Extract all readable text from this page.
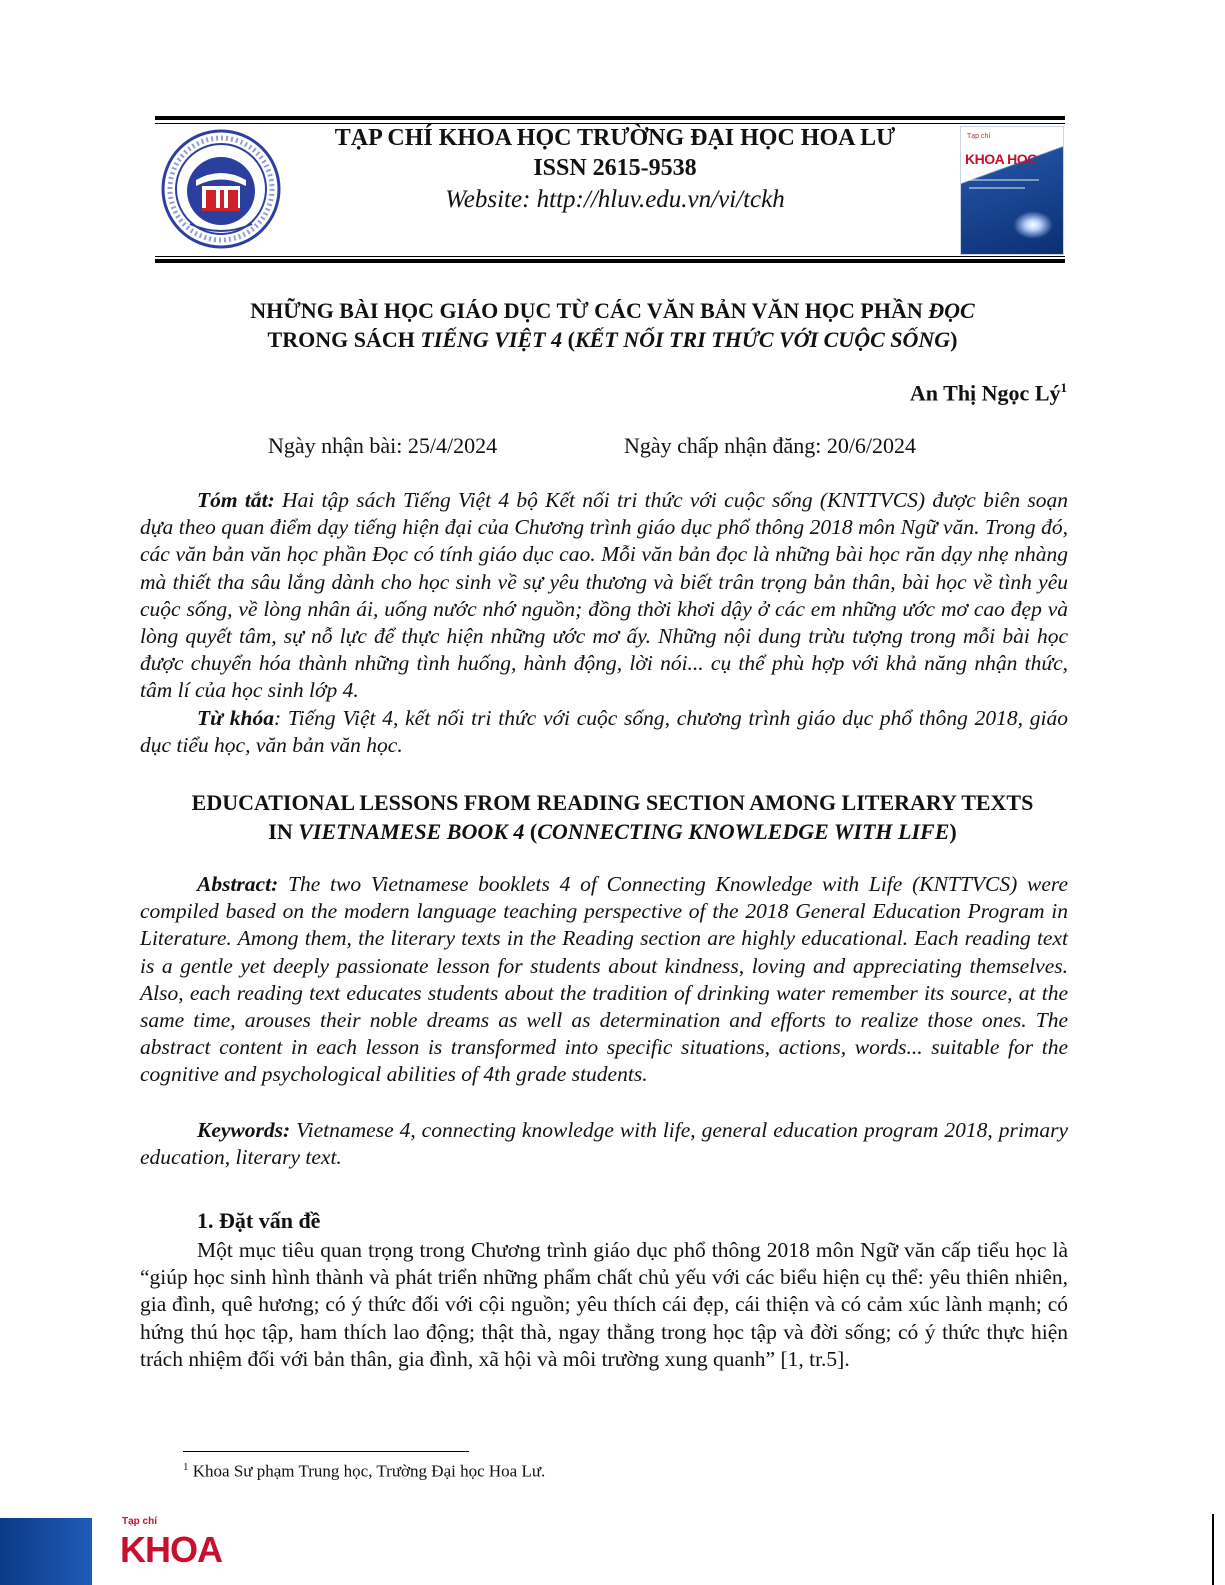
TẠP CHÍ KHOA HỌC TRƯỜNG ĐẠI HỌC HOA LƯ

ISSN 2615-9538

Website: http://hluv.edu.vn/vi/tckh

Tạp chí
KHOA HỌC
NHỮNG BÀI HỌC GIÁO DỤC TỪ CÁC VĂN BẢN VĂN HỌC PHẦN ĐỌC
TRONG SÁCH TIẾNG VIỆT 4 (KẾT NỐI TRI THỨC VỚI CUỘC SỐNG)

An Thị Ngọc $Lý^1$

Ngày nhận bài: 25/4/2024	Ngày chấp nhận đăng: 20/6/2024

Tóm tắt: Hai tập sách Tiếng Việt 4 bộ Kết nối tri thức với cuộc sống (KNTTVCS) được biên soạn dựa theo quan điểm dạy tiếng hiện đại của Chương trình giáo dục phổ thông 2018 môn Ngữ văn. Trong đó, các văn bản văn học phần Đọc có tính giáo dục cao. Mỗi văn bản đọc là những bài học răn dạy nhẹ nhàng mà thiết tha sâu lắng dành cho học sinh về sự yêu thương và biết trân trọng bản thân, bài học về tình yêu cuộc sống, về lòng nhân ái, uống nước nhớ nguồn; đồng thời khơi dậy ở các em những ước mơ cao đẹp và lòng quyết tâm, sự nỗ lực để thực hiện những ước mơ ấy. Những nội dung trừu tượng trong mỗi bài học được chuyển hóa thành những tình huống, hành động, lời nói... cụ thể phù hợp với khả năng nhận thức, tâm lí của học sinh lớp 4.

Từ khóa: Tiếng Việt 4, kết nối tri thức với cuộc sống, chương trình giáo dục phổ thông 2018, giáo dục tiểu học, văn bản văn học.

EDUCATIONAL LESSONS FROM READING SECTION AMONG LITERARY TEXTS
IN VIETNAMESE BOOK 4 (CONNECTING KNOWLEDGE WITH LIFE)

Abstract: The two Vietnamese booklets 4 of Connecting Knowledge with Life (KNTTVCS) were compiled based on the modern language teaching perspective of the 2018 General Education Program in Literature. Among them, the literary texts in the Reading section are highly educational. Each reading text is a gentle yet deeply passionate lesson for students about kindness, loving and appreciating themselves. Also, each reading text educates students about the tradition of drinking water remember its source, at the same time, arouses their noble dreams as well as determination and efforts to realize those ones. The abstract content in each lesson is transformed into specific situations, actions, words... suitable for the cognitive and psychological abilities of 4th grade students.

Keywords: Vietnamese 4, connecting knowledge with life, general education program 2018, primary education, literary text.

1. Đặt vấn đề

Một mục tiêu quan trọng trong Chương trình giáo dục phổ thông 2018 môn Ngữ văn cấp tiểu học là “giúp học sinh hình thành và phát triển những phẩm chất chủ yếu với các biểu hiện cụ thể: yêu thiên nhiên, gia đình, quê hương; có ý thức đối với cội nguồn; yêu thích cái đẹp, cái thiện và có cảm xúc lành mạnh; có hứng thú học tập, ham thích lao động; thật thà, ngay thẳng trong học tập và đời sống; có ý thức thực hiện trách nhiệm đối với bản thân, gia đình, xã hội và môi trường xung quanh” [1, tr.5].

$^1$ Khoa Sư phạm Trung học, Trường Đại học Hoa Lư.

Tạp chí

KHOA
